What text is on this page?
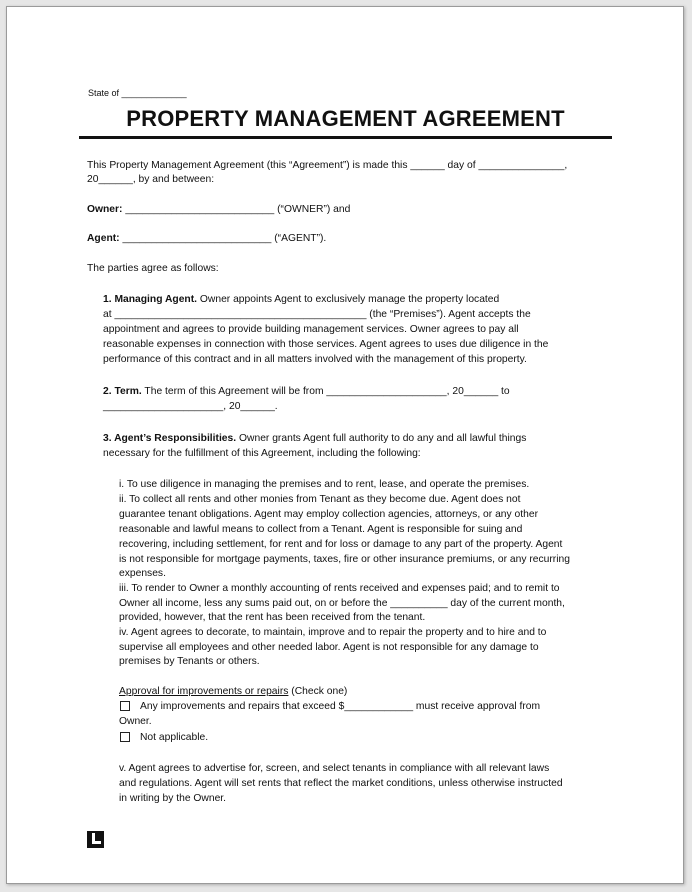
State of _____________
PROPERTY MANAGEMENT AGREEMENT
This Property Management Agreement (this “Agreement”) is made this ______ day of _______________,
20______, by and between:
Owner: __________________________ (“OWNER”) and
Agent: __________________________ (“AGENT”).
The parties agree as follows:
1. Managing Agent. Owner appoints Agent to exclusively manage the property located
at ____________________________________________ (the “Premises”). Agent accepts the
appointment and agrees to provide building management services. Owner agrees to pay all
reasonable expenses in connection with those services. Agent agrees to uses due diligence in the
performance of this contract and in all matters involved with the management of this property.
2. Term. The term of this Agreement will be from _____________________, 20______ to
_____________________, 20______.
3. Agent’s Responsibilities. Owner grants Agent full authority to do any and all lawful things
necessary for the fulfillment of this Agreement, including the following:
i. To use diligence in managing the premises and to rent, lease, and operate the premises.
ii. To collect all rents and other monies from Tenant as they become due. Agent does not
guarantee tenant obligations. Agent may employ collection agencies, attorneys, or any other
reasonable and lawful means to collect from a Tenant. Agent is responsible for suing and
recovering, including settlement, for rent and for loss or damage to any part of the property. Agent
is not responsible for mortgage payments, taxes, fire or other insurance premiums, or any recurring
expenses.
iii. To render to Owner a monthly accounting of rents received and expenses paid; and to remit to
Owner all income, less any sums paid out, on or before the __________ day of the current month,
provided, however, that the rent has been received from the tenant.
iv. Agent agrees to decorate, to maintain, improve and to repair the property and to hire and to
supervise all employees and other needed labor. Agent is not responsible for any damage to
premises by Tenants or others.
Approval for improvements or repairs (Check one)
Any improvements and repairs that exceed $____________ must receive approval from
Owner.
Not applicable.
v. Agent agrees to advertise for, screen, and select tenants in compliance with all relevant laws
and regulations. Agent will set rents that reflect the market conditions, unless otherwise instructed
in writing by the Owner.
